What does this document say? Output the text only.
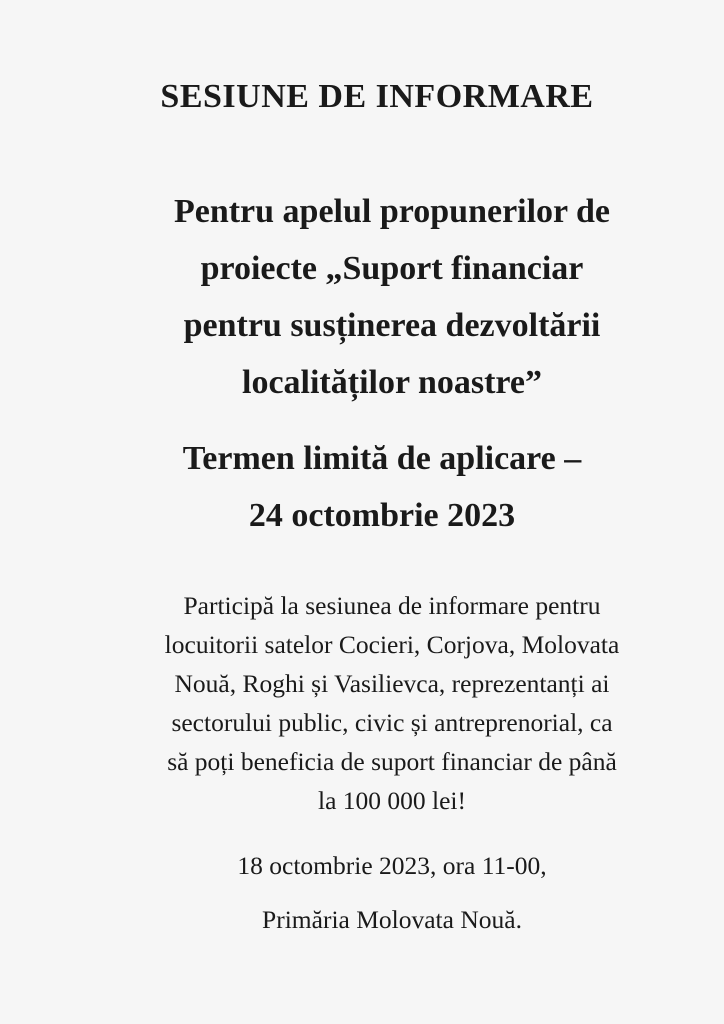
SESIUNE DE INFORMARE
Pentru apelul propunerilor de
proiecte „Suport financiar
pentru susținerea dezvoltării
localităților noastre”
Termen limită de aplicare –
24 octombrie 2023
Participă la sesiunea de informare pentru
locuitorii satelor Cocieri, Corjova, Molovata
Nouă, Roghi și Vasilievca, reprezentanți ai
sectorului public, civic și antreprenorial, ca
să poți beneficia de suport financiar de până
la 100 000 lei!
18 octombrie 2023, ora 11-00,
Primăria Molovata Nouă.
